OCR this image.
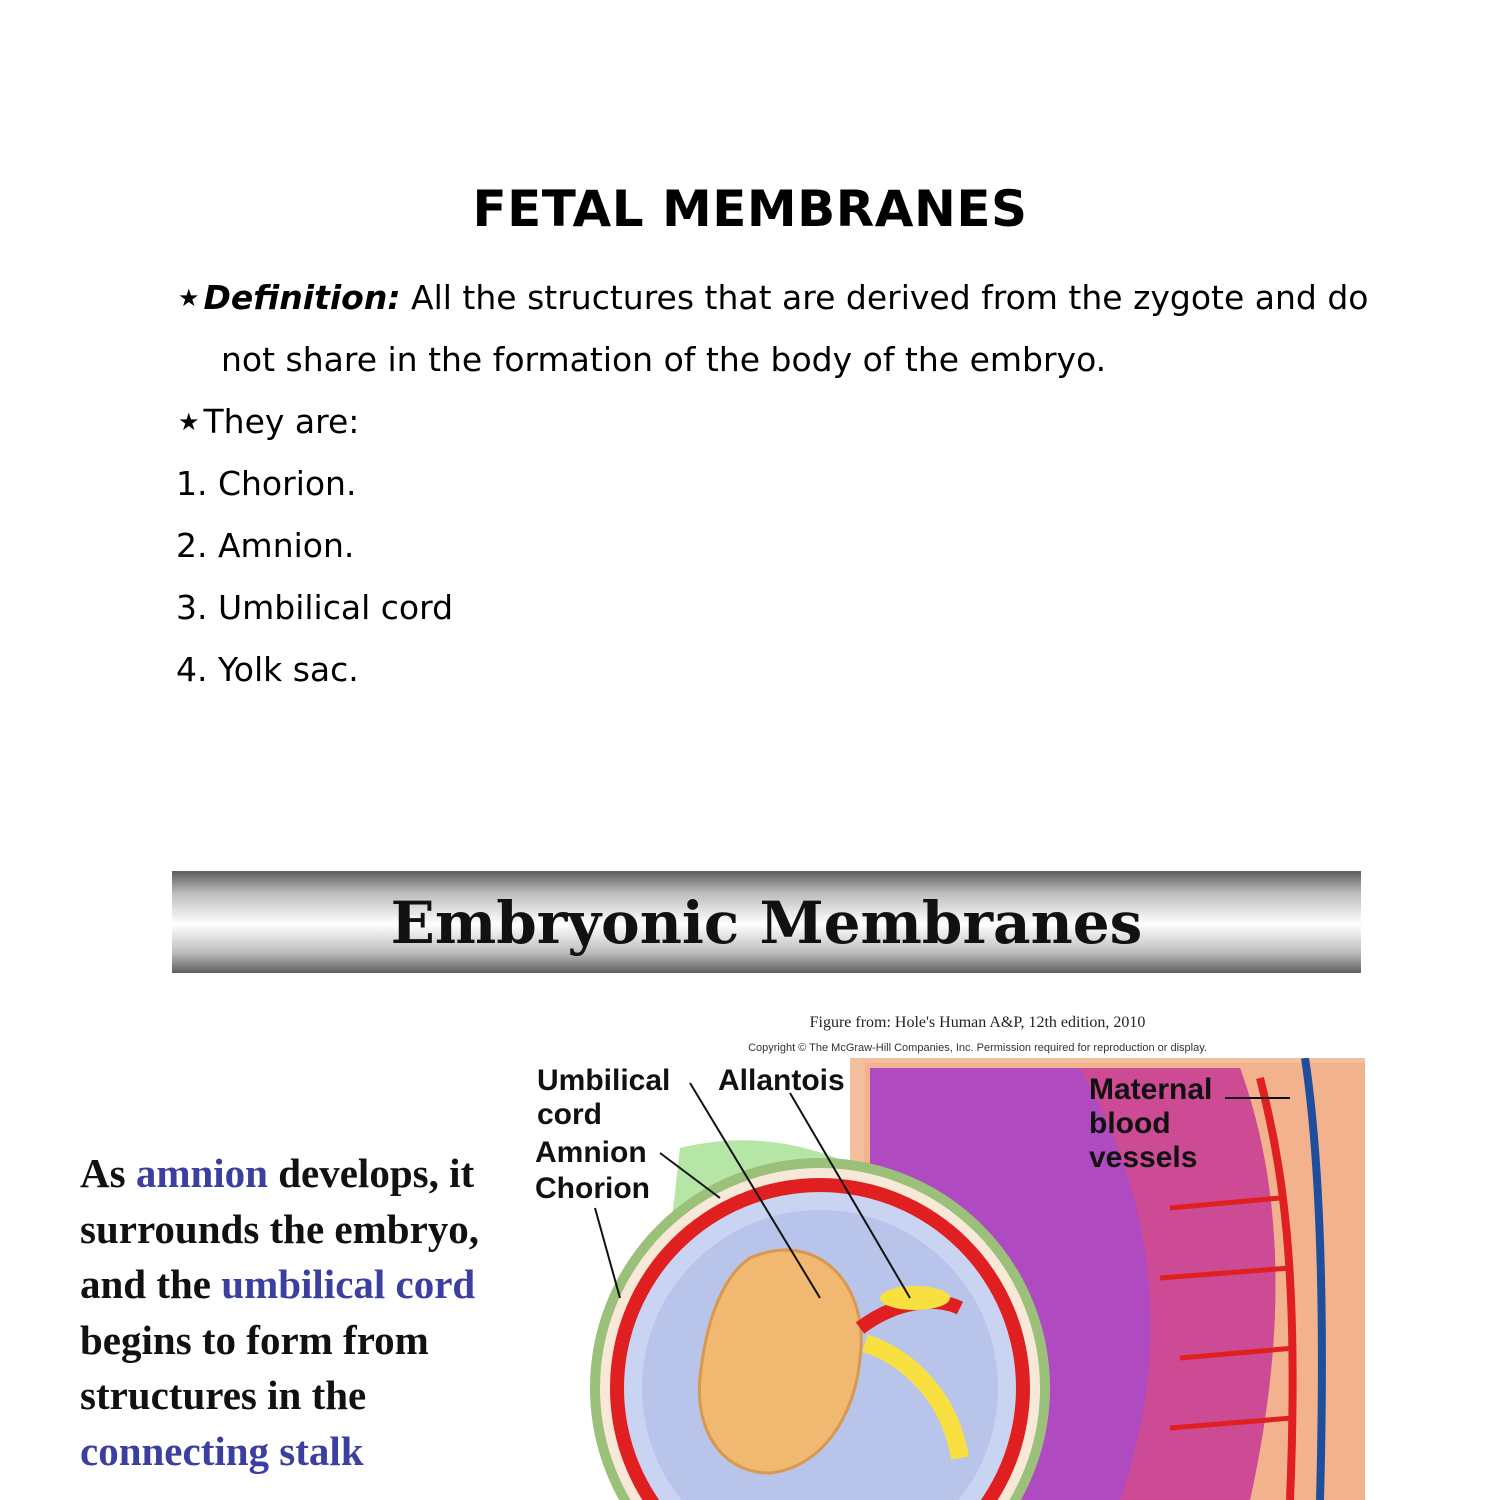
FETAL MEMBRANES
★ Definition: All the structures that are derived from the zygote and do
not share in the formation of the body of the embryo.
★ They are:
1. Chorion.
2. Amnion.
3. Umbilical cord
4. Yolk sac.
Embryonic Membranes
Figure from: Hole's Human A&P, 12th edition, 2010
Copyright © The McGraw-Hill Companies, Inc. Permission required for reproduction or display.
As amnion develops, it surrounds the embryo, and the umbilical cord begins to form from structures in the connecting stalk
Umbilical
cord
Allantois
Amnion
Chorion
Maternal
blood
vessels
